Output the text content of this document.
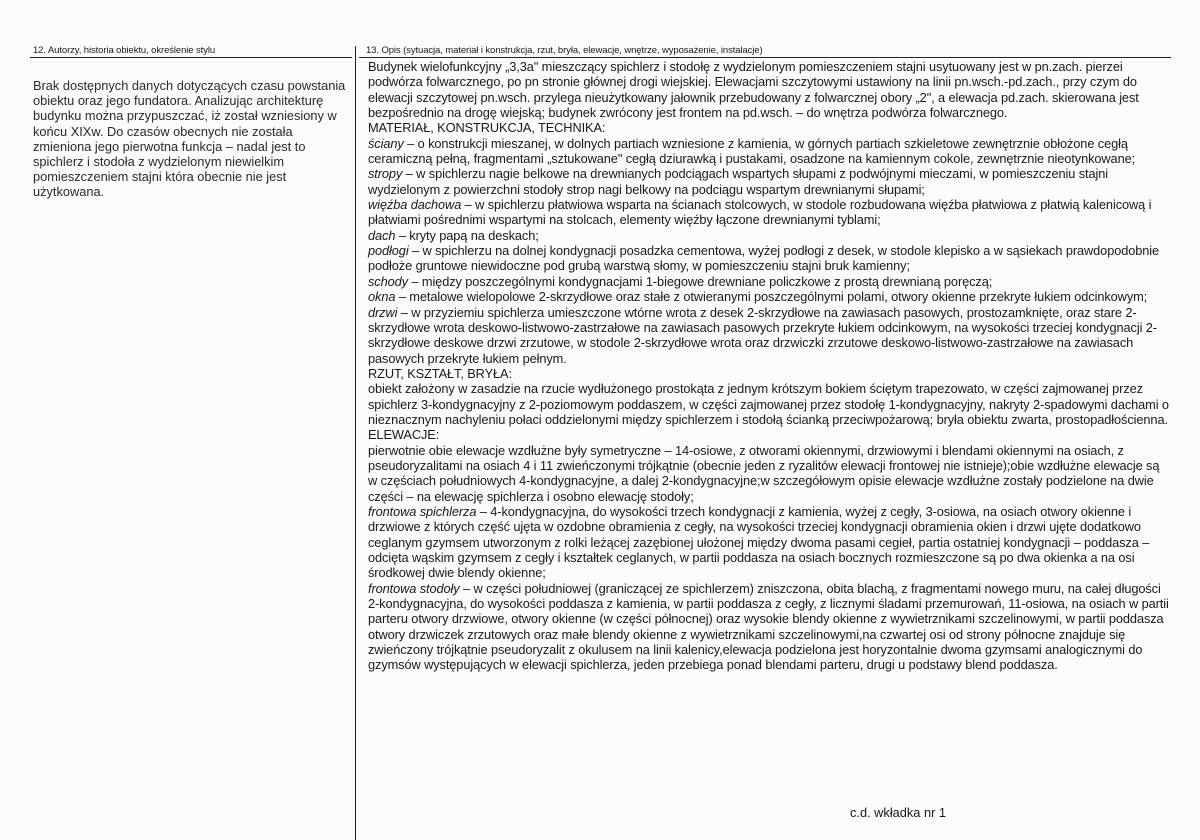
12. Autorzy, historia obiektu, określenie stylu	13. Opis (sytuacja, materiał i konstrukcja, rzut, bryła, elewacje, wnętrze, wyposażenie, instalacje)

Brak dostępnych danych dotyczących czasu powstania obiektu oraz jego fundatora. Analizując architekturę budynku można przypuszczać, iż został wzniesiony w końcu XIXw. Do czasów obecnych nie została zmieniona jego pierwotna funkcja – nadal jest to spichlerz i stodoła z wydzielonym niewielkim pomieszczeniem stajni która obecnie nie jest użytkowana.

Budynek wielofunkcyjny „3,3a" mieszczący spichlerz i stodołę z wydzielonym pomieszczeniem stajni usytuowany jest w pn.zach. pierzei podwórza folwarcznego, po pn stronie głównej drogi wiejskiej. Elewacjami szczytowymi ustawiony na linii pn.wsch.-pd.zach., przy czym do elewacji szczytowej pn.wsch. przylega nieużytkowany jałownik przebudowany z folwarcznej obory „2", a elewacja pd.zach. skierowana jest bezpośrednio na drogę wiejską; budynek zwrócony jest frontem na pd.wsch. – do wnętrza podwórza folwarcznego.

MATERIAŁ, KONSTRUKCJA, TECHNIKA:

ściany – o konstrukcji mieszanej, w dolnych partiach wzniesione z kamienia, w górnych partiach szkieletowe zewnętrznie obłożone cegłą ceramiczną pełną, fragmentami „sztukowane" cegłą dziurawką i pustakami, osadzone na kamiennym cokole, zewnętrznie nieotynkowane;

stropy – w spichlerzu nagie belkowe na drewnianych podciągach wspartych słupami z podwójnymi mieczami, w pomieszczeniu stajni wydzielonym z powierzchni stodoły strop nagi belkowy na podciągu wspartym drewnianymi słupami;

więźba dachowa – w spichlerzu płatwiowa wsparta na ścianach stolcowych, w stodole rozbudowana więźba płatwiowa z płatwią kalenicową i płatwiami pośrednimi wspartymi na stolcach, elementy więźby łączone drewnianymi tyblami;

dach – kryty papą na deskach;

podłogi – w spichlerzu na dolnej kondygnacji posadzka cementowa, wyżej podłogi z desek, w stodole klepisko a w sąsiekach prawdopodobnie podłoże gruntowe niewidoczne pod grubą warstwą słomy, w pomieszczeniu stajni bruk kamienny;

schody – między poszczególnymi kondygnacjami 1-biegowe drewniane policzkowe z prostą drewnianą poręczą;

okna – metalowe wielopolowe 2-skrzydłowe oraz stałe z otwieranymi poszczególnymi polami, otwory okienne przekryte łukiem odcinkowym;

drzwi – w przyziemiu spichlerza umieszczone wtórne wrota z desek 2-skrzydłowe na zawiasach pasowych, prostozamknięte, oraz stare 2-skrzydłowe wrota deskowo-listwowo-zastrzałowe na zawiasach pasowych przekryte łukiem odcinkowym, na wysokości trzeciej kondygnacji 2-skrzydłowe deskowe drzwi zrzutowe, w stodole 2-skrzydłowe wrota oraz drzwiczki zrzutowe deskowo-listwowo-zastrzałowe na zawiasach pasowych przekryte łukiem pełnym.

RZUT, KSZTAŁT, BRYŁA:

obiekt założony w zasadzie na rzucie wydłużonego prostokąta z jednym krótszym bokiem ściętym trapezowato, w części zajmowanej przez spichlerz 3-kondygnacyjny z 2-poziomowym poddaszem, w części zajmowanej przez stodołę 1-kondygnacyjny, nakryty 2-spadowymi dachami o nieznacznym nachyleniu połaci oddzielonymi między spichlerzem i stodołą ścianką przeciwpożarową; bryła obiektu zwarta, prostopadłościenna.

ELEWACJE:

pierwotnie obie elewacje wzdłużne były symetryczne – 14-osiowe, z otworami okiennymi, drzwiowymi i blendami okiennymi na osiach, z pseudoryzalitami na osiach 4 i 11 zwieńczonymi trójkątnie (obecnie jeden z ryzalitów elewacji frontowej nie istnieje);obie wzdłużne elewacje są w częściach południowych 4-kondygnacyjne, a dalej 2-kondygnacyjne;w szczegółowym opisie elewacje wzdłużne zostały podzielone na dwie części – na elewację spichlerza i osobno elewację stodoły;

frontowa spichlerza – 4-kondygnacyjna, do wysokości trzech kondygnacji z kamienia, wyżej z cegły, 3-osiowa, na osiach otwory okienne i drzwiowe z których część ujęta w ozdobne obramienia z cegły, na wysokości trzeciej kondygnacji obramienia okien i drzwi ujęte dodatkowo ceglanym gzymsem utworzonym z rolki leżącej zazębionej ułożonej między dwoma pasami cegieł, partia ostatniej kondygnacji – poddasza – odcięta wąskim gzymsem z cegły i kształtek ceglanych, w partii poddasza na osiach bocznych rozmieszczone są po dwa okienka a na osi środkowej dwie blendy okienne;

frontowa stodoły – w części południowej (graniczącej ze spichlerzem) zniszczona, obita blachą, z fragmentami nowego muru, na całej długości 2-kondygnacyjna, do wysokości poddasza z kamienia, w partii poddasza z cegły, z licznymi śladami przemurowań, 11-osiowa, na osiach w partii parteru otwory drzwiowe, otwory okienne (w części północnej) oraz wysokie blendy okienne z wywietrznikami szczelinowymi, w partii poddasza otwory drzwiczek zrzutowych oraz małe blendy okienne z wywietrznikami szczelinowymi,na czwartej osi od strony północne znajduje się zwieńczony trójkątnie pseudoryzalit z okulusem na linii kalenicy,elewacja podzielona jest horyzontalnie dwoma gzymsami analogicznymi do gzymsów występujących w elewacji spichlerza, jeden przebiega ponad blendami parteru, drugi u podstawy blend poddasza.

c.d. wkładka nr 1
